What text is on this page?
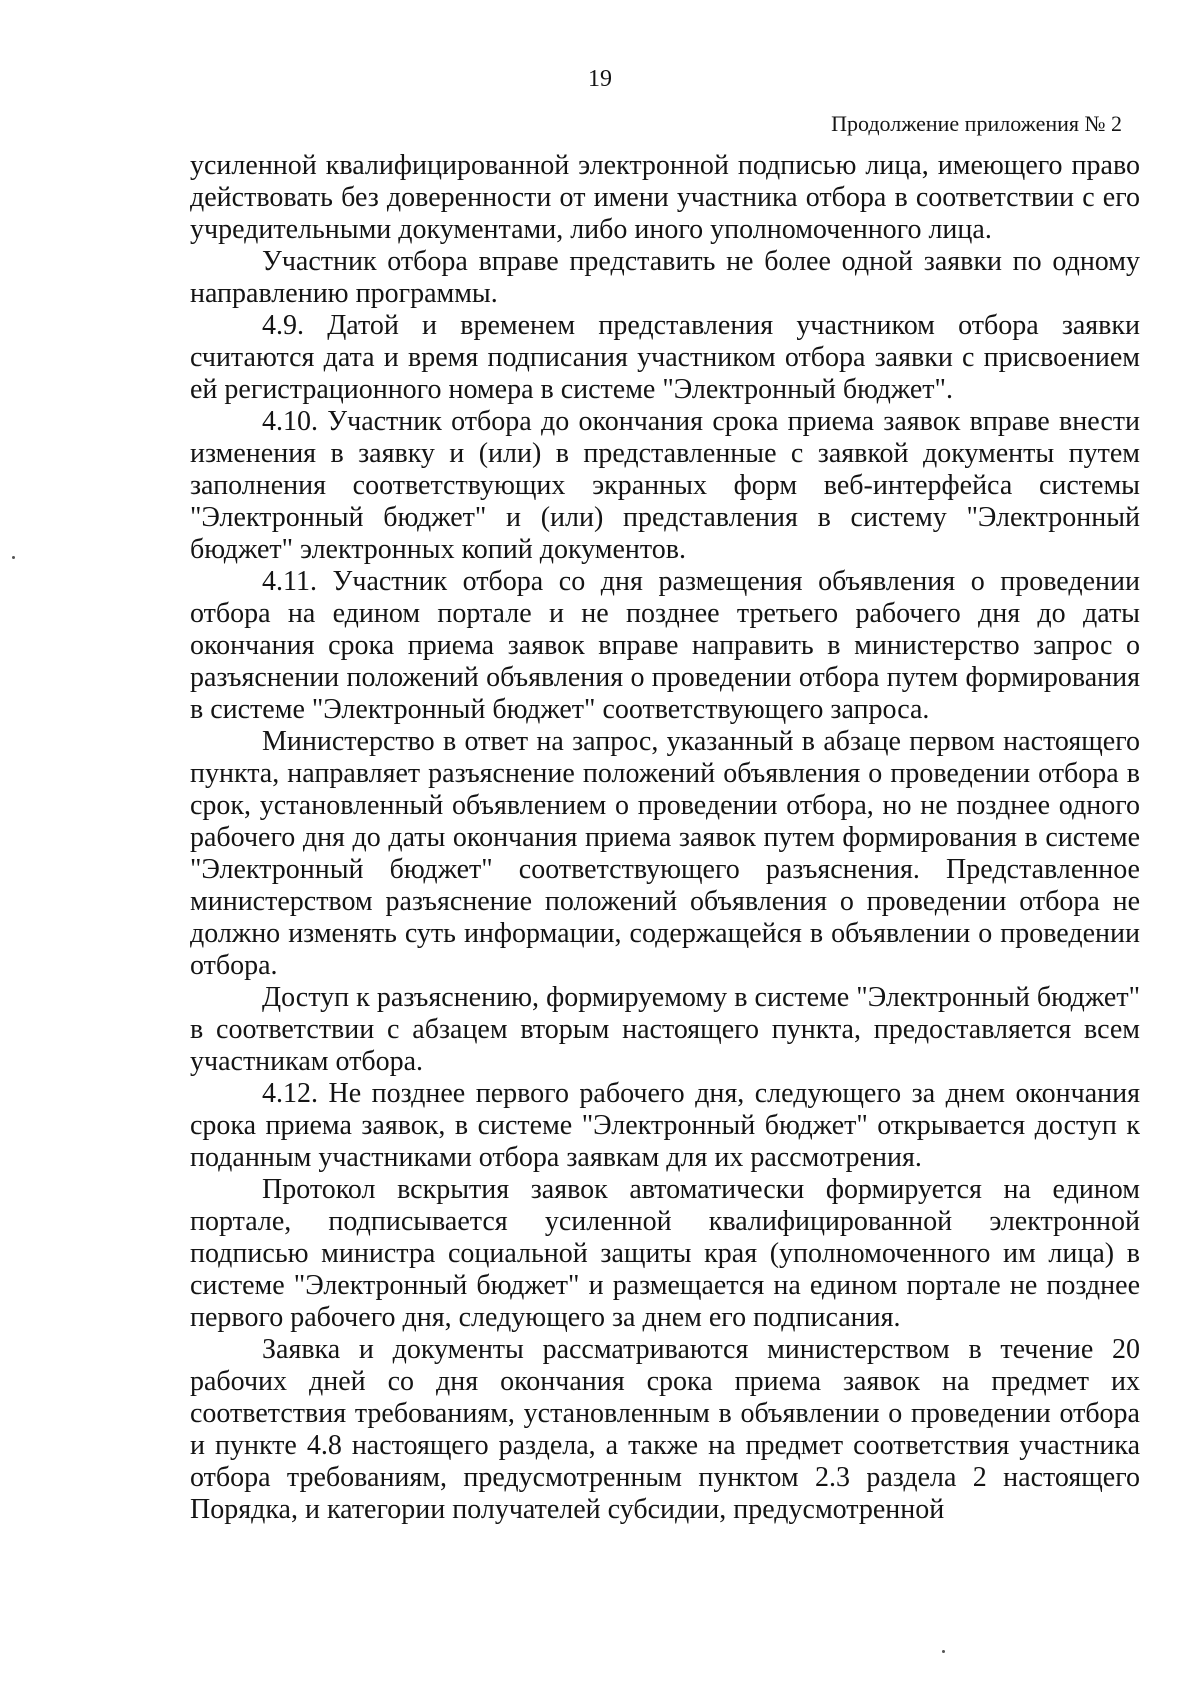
19
Продолжение приложения № 2

усиленной квалифицированной электронной подписью лица, имеющего право действовать без доверенности от имени участника отбора в соответствии с его учредительными документами, либо иного уполномоченного лица.

Участник отбора вправе представить не более одной заявки по одному направлению программы.

4.9. Датой и временем представления участником отбора заявки считаются дата и время подписания участником отбора заявки с присвоением ей регистрационного номера в системе "Электронный бюджет".

4.10. Участник отбора до окончания срока приема заявок вправе внести изменения в заявку и (или) в представленные с заявкой документы путем заполнения соответствующих экранных форм веб-интерфейса системы "Электронный бюджет" и (или) представления в систему "Электронный бюджет" электронных копий документов.

4.11. Участник отбора со дня размещения объявления о проведении отбора на едином портале и не позднее третьего рабочего дня до даты окончания срока приема заявок вправе направить в министерство запрос о разъяснении положений объявления о проведении отбора путем формирования в системе "Электронный бюджет" соответствующего запроса.

Министерство в ответ на запрос, указанный в абзаце первом настоящего пункта, направляет разъяснение положений объявления о проведении отбора в срок, установленный объявлением о проведении отбора, но не позднее одного рабочего дня до даты окончания приема заявок путем формирования в системе "Электронный бюджет" соответствующего разъяснения. Представленное министерством разъяснение положений объявления о проведении отбора не должно изменять суть информации, содержащейся в объявлении о проведении отбора.

Доступ к разъяснению, формируемому в системе "Электронный бюджет" в соответствии с абзацем вторым настоящего пункта, предоставляется всем участникам отбора.

4.12. Не позднее первого рабочего дня, следующего за днем окончания срока приема заявок, в системе "Электронный бюджет" открывается доступ к поданным участниками отбора заявкам для их рассмотрения.

Протокол вскрытия заявок автоматически формируется на едином портале, подписывается усиленной квалифицированной электронной подписью министра социальной защиты края (уполномоченного им лица) в системе "Электронный бюджет" и размещается на едином портале не позднее первого рабочего дня, следующего за днем его подписания.

Заявка и документы рассматриваются министерством в течение 20 рабочих дней со дня окончания срока приема заявок на предмет их соответствия требованиям, установленным в объявлении о проведении отбора и пункте 4.8 настоящего раздела, а также на предмет соответствия участника отбора требованиям, предусмотренным пунктом 2.3 раздела 2 настоящего Порядка, и категории получателей субсидии, предусмотренной
